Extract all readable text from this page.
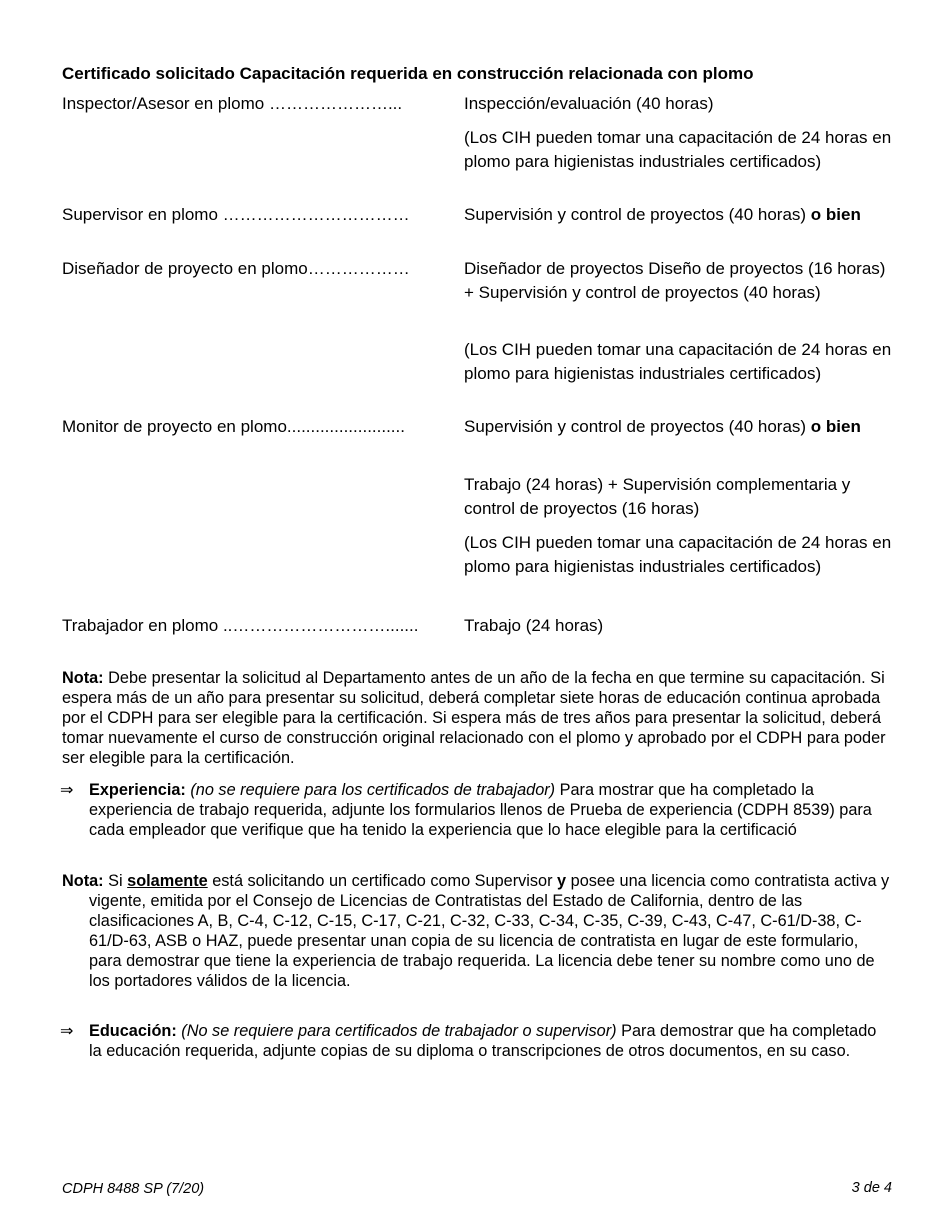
Certificado solicitado Capacitación requerida en construcción relacionada con plomo
Inspector/Asesor en plomo …………………...	Inspección/evaluación (40 horas)
(Los CIH pueden tomar una capacitación de 24 horas en plomo para higienistas industriales certificados)
Supervisor en plomo ……………………………	Supervisión y control de proyectos (40 horas) o bien
Diseñador de proyecto en plomo………………	Diseñador de proyectos Diseño de proyectos (16 horas) + Supervisión y control de proyectos (40 horas)
(Los CIH pueden tomar una capacitación de 24 horas en plomo para higienistas industriales certificados)
Monitor de proyecto en plomo.........................	Supervisión y control de proyectos (40 horas) o bien
Trabajo (24 horas) + Supervisión complementaria y control de proyectos (16 horas)
(Los CIH pueden tomar una capacitación de 24 horas en plomo para higienistas industriales certificados)
Trabajador en plomo ..……………………….......	Trabajo (24 horas)
Nota: Debe presentar la solicitud al Departamento antes de un año de la fecha en que termine su capacitación. Si espera más de un año para presentar su solicitud, deberá completar siete horas de educación continua aprobada por el CDPH para ser elegible para la certificación. Si espera más de tres años para presentar la solicitud, deberá tomar nuevamente el curso de construcción original relacionado con el plomo y aprobado por el CDPH para poder ser elegible para la certificación.
⇒ Experiencia: (no se requiere para los certificados de trabajador) Para mostrar que ha completado la experiencia de trabajo requerida, adjunte los formularios llenos de Prueba de experiencia (CDPH 8539) para cada empleador que verifique que ha tenido la experiencia que lo hace elegible para la certificació
Nota: Si solamente está solicitando un certificado como Supervisor y posee una licencia como contratista activa y vigente, emitida por el Consejo de Licencias de Contratistas del Estado de California, dentro de las clasificaciones A, B, C-4, C-12, C-15, C-17, C-21, C-32, C-33, C-34, C-35, C-39, C-43, C-47, C-61/D-38, C-61/D-63, ASB o HAZ, puede presentar unan copia de su licencia de contratista en lugar de este formulario, para demostrar que tiene la experiencia de trabajo requerida. La licencia debe tener su nombre como uno de los portadores válidos de la licencia.
⇒ Educación: (No se requiere para certificados de trabajador o supervisor) Para demostrar que ha completado la educación requerida, adjunte copias de su diploma o transcripciones de otros documentos, en su caso.
CDPH 8488 SP (7/20)	3 de 4
